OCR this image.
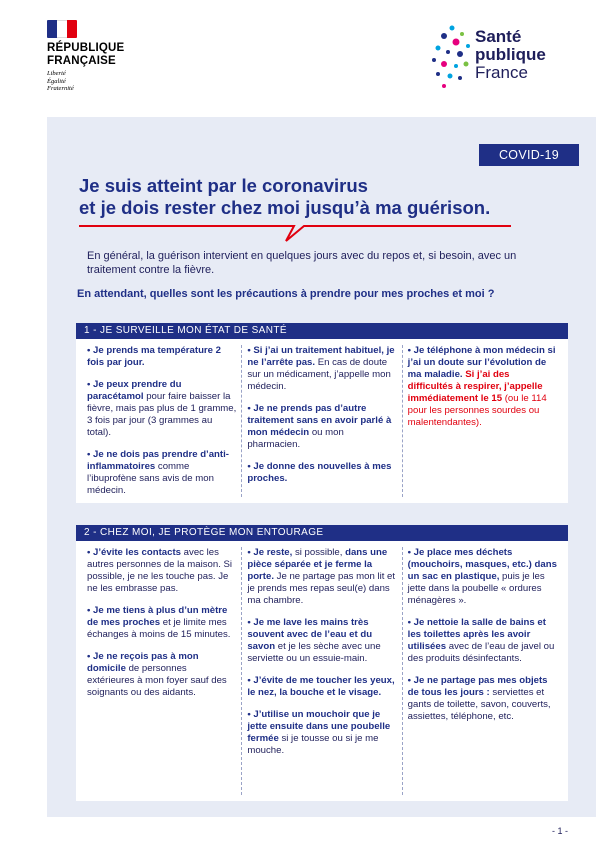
RÉPUBLIQUE
FRANÇAISE
Liberté
Égalité
Fraternité
Santé
publique
France
COVID-19
Je suis atteint par le coronavirus
et je dois rester chez moi jusqu’à ma guérison.
En général, la guérison intervient en quelques jours avec du repos et, si besoin, avec un traitement contre la fièvre.
En attendant, quelles sont les précautions à prendre pour mes proches et moi ?
1 - JE SURVEILLE MON ÉTAT DE SANTÉ
• Je prends ma température 2 fois par jour.
• Je peux prendre du paracétamol pour faire baisser la fièvre, mais pas plus de 1 gramme, 3 fois par jour (3 grammes au total).
• Je ne dois pas prendre d’anti-inflammatoires comme l’ibuprofène sans avis de mon médecin.
• Si j’ai un traitement habituel, je ne l’arrête pas. En cas de doute sur un médicament, j’appelle mon médecin.
• Je ne prends pas d’autre traitement sans en avoir parlé à mon médecin ou mon pharmacien.
• Je donne des nouvelles à mes proches.
• Je téléphone à mon médecin si j’ai un doute sur l’évolution de ma maladie. Si j’ai des difficultés à respirer, j’appelle immédiatement le 15 (ou le 114 pour les personnes sourdes ou malentendantes).
2 - CHEZ MOI, JE PROTÈGE MON ENTOURAGE
• J’évite les contacts avec les autres personnes de la maison. Si possible, je ne les touche pas. Je ne les embrasse pas.
• Je me tiens à plus d’un mètre de mes proches et je limite mes échanges à moins de 15 minutes.
• Je ne reçois pas à mon domicile de personnes extérieures à mon foyer sauf des soignants ou des aidants.
• Je reste, si possible, dans une pièce séparée et je ferme la porte. Je ne partage pas mon lit et je prends mes repas seul(e) dans ma chambre.
• Je me lave les mains très souvent avec de l’eau et du savon et je les sèche avec une serviette ou un essuie-main.
• J’évite de me toucher les yeux, le nez, la bouche et le visage.
• J’utilise un mouchoir que je jette ensuite dans une poubelle fermée si je tousse ou si je me mouche.
• Je place mes déchets (mouchoirs, masques, etc.) dans un sac en plastique, puis je les jette dans la poubelle « ordures ménagères ».
• Je nettoie la salle de bains et les toilettes après les avoir utilisées avec de l’eau de javel ou des produits désinfectants.
• Je ne partage pas mes objets de tous les jours : serviettes et gants de toilette, savon, couverts, assiettes, téléphone, etc.
- 1 -
